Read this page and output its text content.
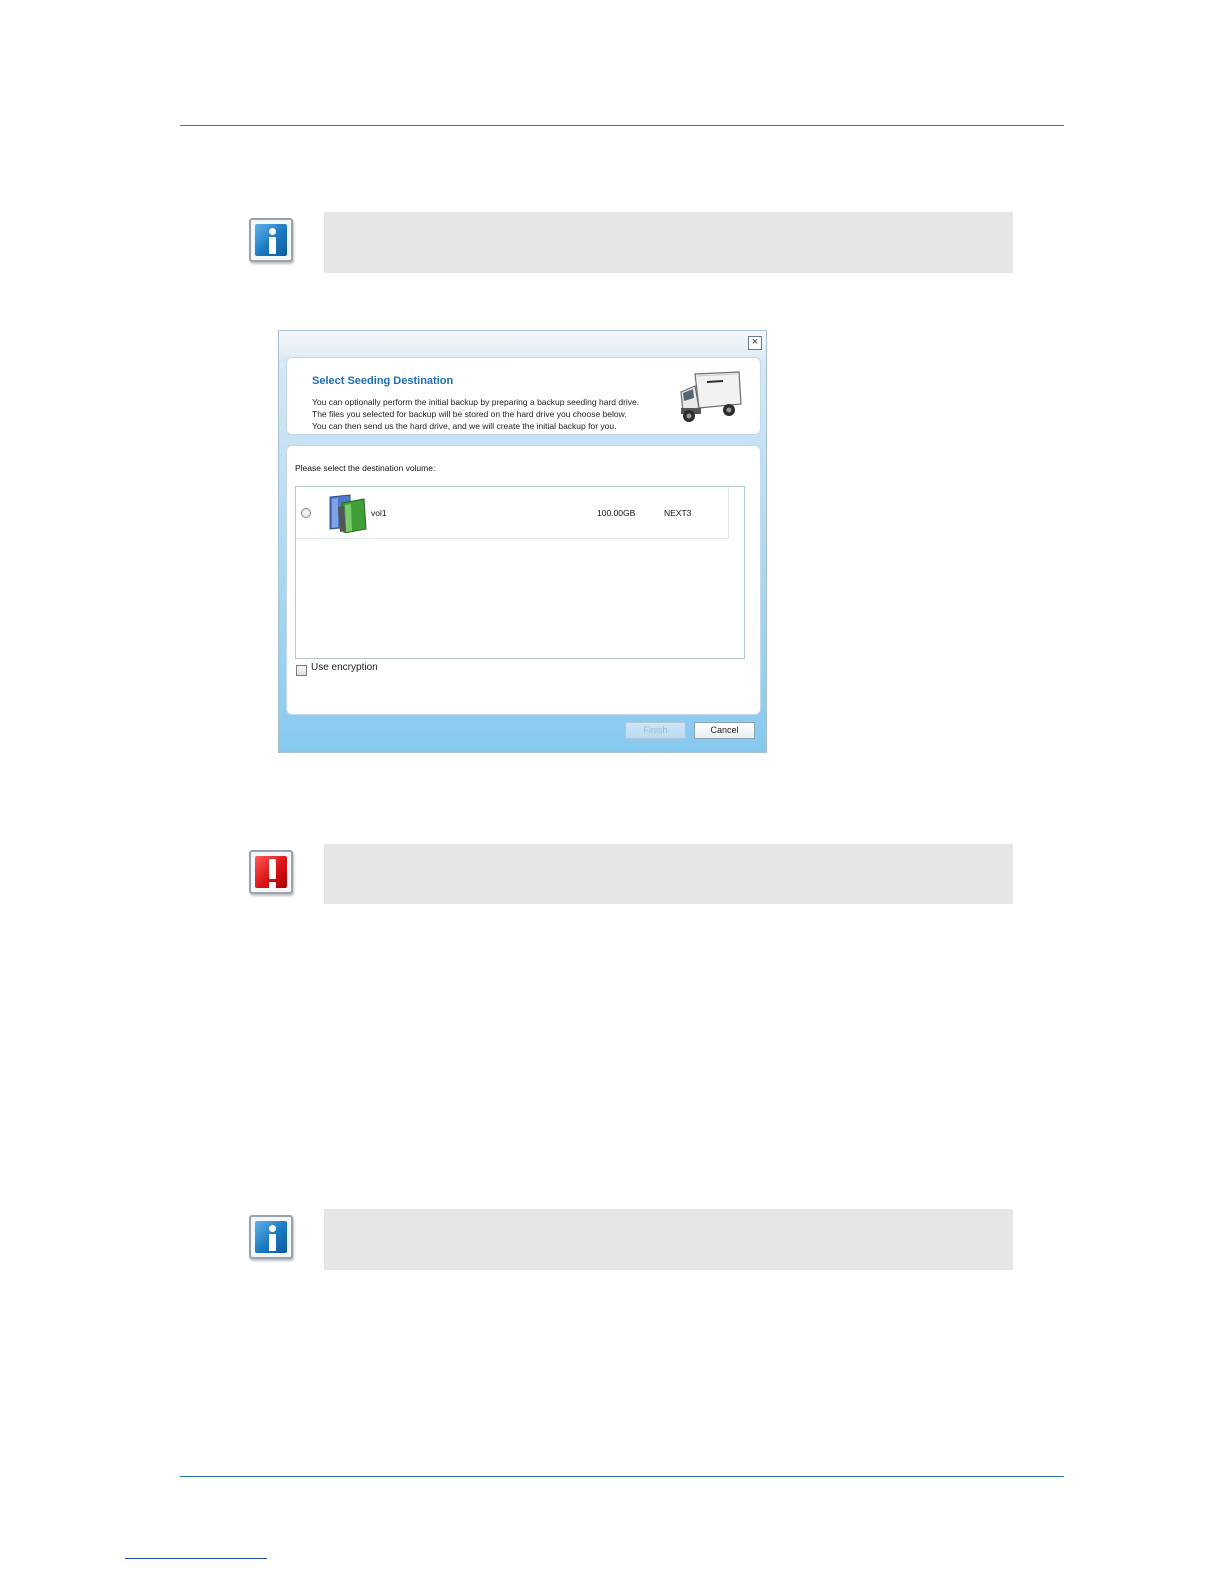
×
Select Seeding Destination
You can optionally perform the initial backup by preparing a backup seeding hard drive.
The files you selected for backup will be stored on the hard drive you choose below.
You can then send us the hard drive, and we will create the initial backup for you.
Please select the destination volume:
vol1	100.00GB	NEXT3
Use encryption
Finish	Cancel
